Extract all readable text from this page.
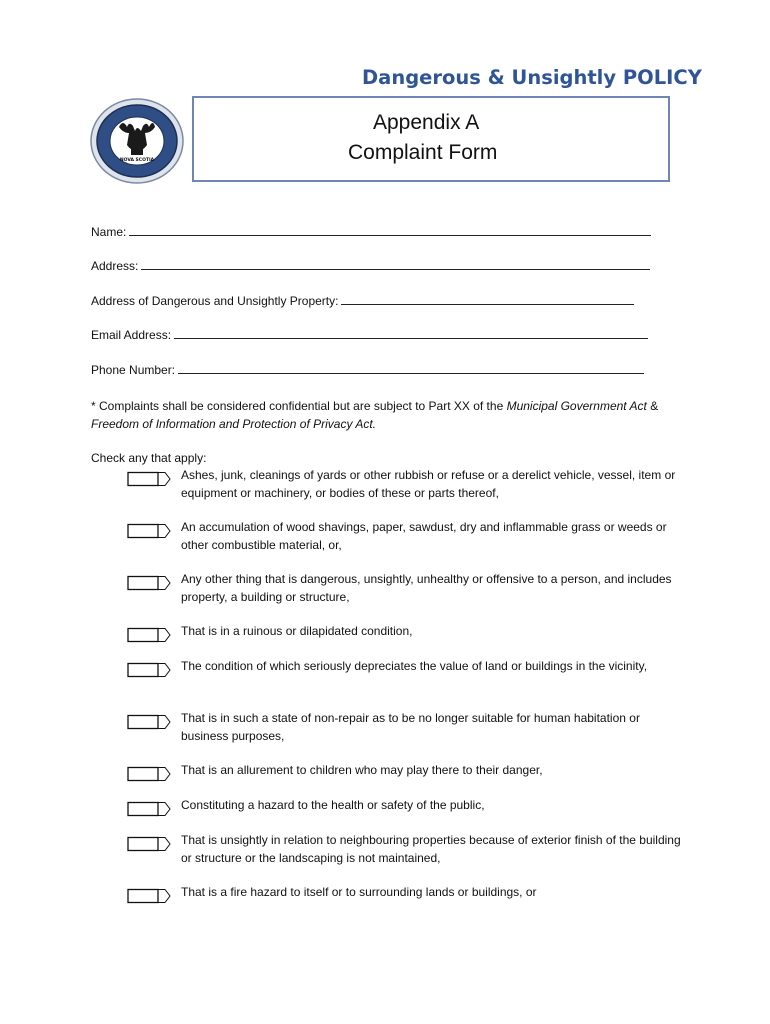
Dangerous & Unsightly POLICY
NOVA SCOTIA
Appendix A
Complaint Form
Name:
Address:
Address of Dangerous and Unsightly Property:
Email Address:
Phone Number:
* Complaints shall be considered confidential but are subject to Part XX of the Municipal Government Act & Freedom of Information and Protection of Privacy Act.
Check any that apply:
Ashes, junk, cleanings of yards or other rubbish or refuse or a derelict vehicle, vessel, item or equipment or machinery, or bodies of these or parts thereof,
An accumulation of wood shavings, paper, sawdust, dry and inflammable grass or weeds or other combustible material, or,
Any other thing that is dangerous, unsightly, unhealthy or offensive to a person, and includes property, a building or structure,
That is in a ruinous or dilapidated condition,
The condition of which seriously depreciates the value of land or buildings in the vicinity,
That is in such a state of non-repair as to be no longer suitable for human habitation or business purposes,
That is an allurement to children who may play there to their danger,
Constituting a hazard to the health or safety of the public,
That is unsightly in relation to neighbouring properties because of exterior finish of the building or structure or the landscaping is not maintained,
That is a fire hazard to itself or to surrounding lands or buildings, or
